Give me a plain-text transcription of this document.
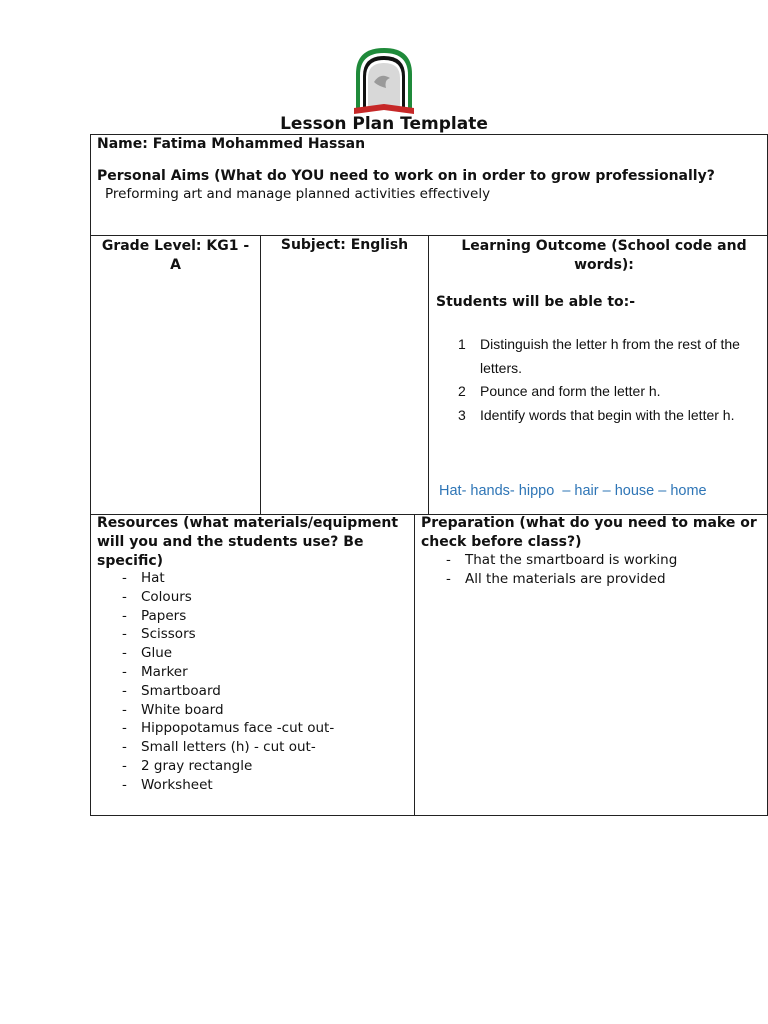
Lesson Plan Template
Name: Fatima Mohammed Hassan
Personal Aims (What do YOU need to work on in order to grow professionally?
Preforming art and manage planned activities effectively
Grade Level: KG1 - A
Subject: English	Learning Outcome (School code and words):
Students will be able to:-
1 Distinguish the letter h from the rest of the letters.
2 Pounce and form the letter h.
3 Identify words that begin with the letter h.
Hat- hands- hippo  – hair – house – home
Resources (what materials/equipment will you and the students use? Be specific)
- Hat
- Colours
- Papers
- Scissors
- Glue
- Marker
- Smartboard
- White board
- Hippopotamus face -cut out-
- Small letters (h) - cut out-
- 2 gray rectangle
- Worksheet
Preparation (what do you need to make or check before class?)
- That the smartboard is working
- All the materials are provided
